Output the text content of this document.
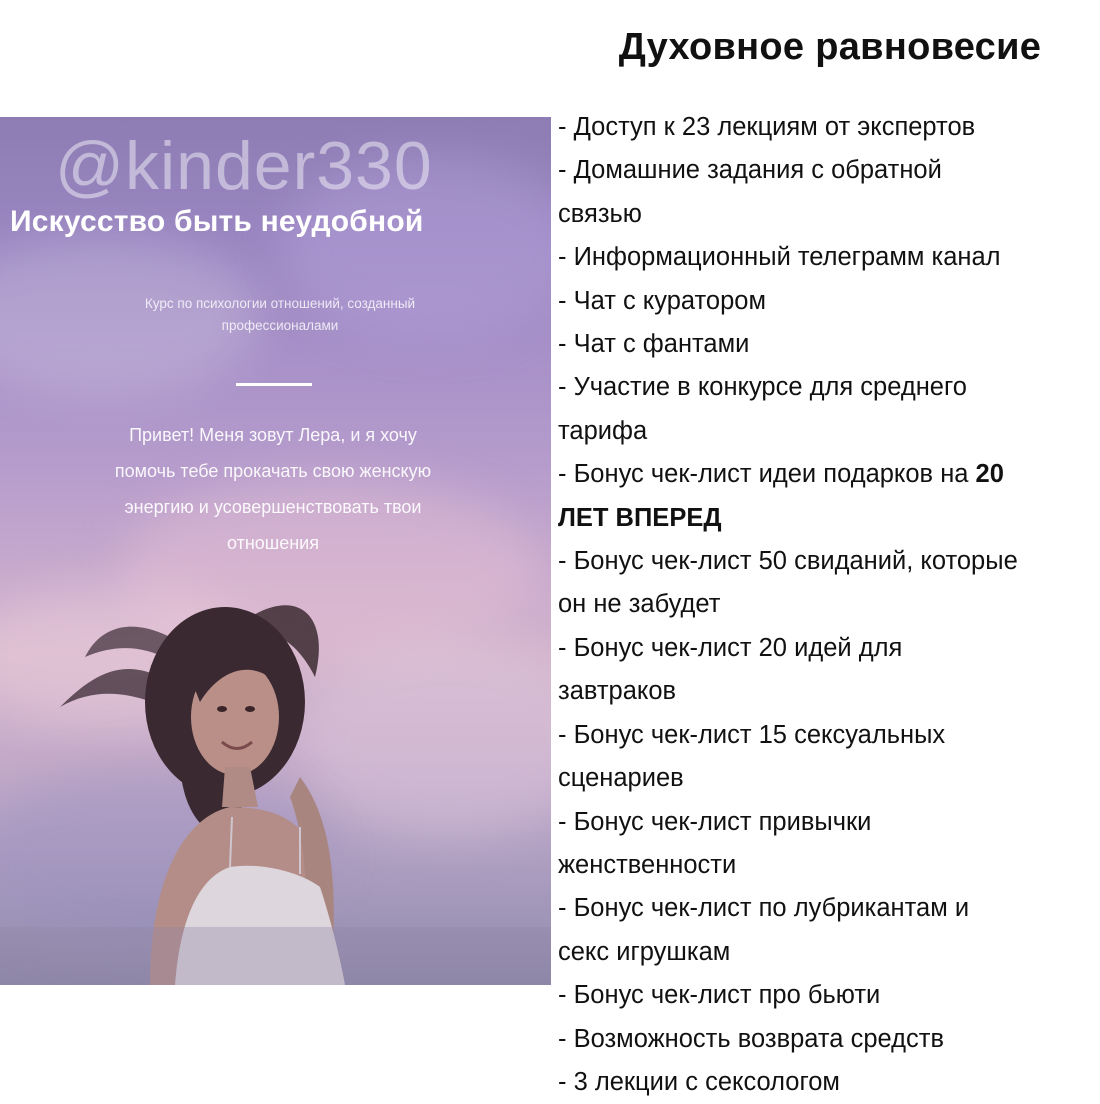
Духовное равновесие
@kinder330
Искусство быть неудобной
Курс по психологии отношений, созданный
профессионалами
Привет! Меня зовут Лера, и я хочу
помочь тебе прокачать свою женскую
энергию и усовершенствовать твои
отношения
- Доступ к 23 лекциям от экспертов
- Домашние задания с обратной
связью
- Информационный телеграмм канал
- Чат с куратором
- Чат с фантами
- Участие в конкурсе для среднего
тарифа
- Бонус чек-лист идеи подарков на 20
ЛЕТ ВПЕРЕД
- Бонус чек-лист 50 свиданий, которые
он не забудет
- Бонус чек-лист 20 идей для
завтраков
- Бонус чек-лист 15 сексуальных
сценариев
- Бонус чек-лист привычки
женственности
- Бонус чек-лист по лубрикантам и
секс игрушкам
- Бонус чек-лист про бьюти
- Возможность возврата средств
- 3 лекции с сексологом
